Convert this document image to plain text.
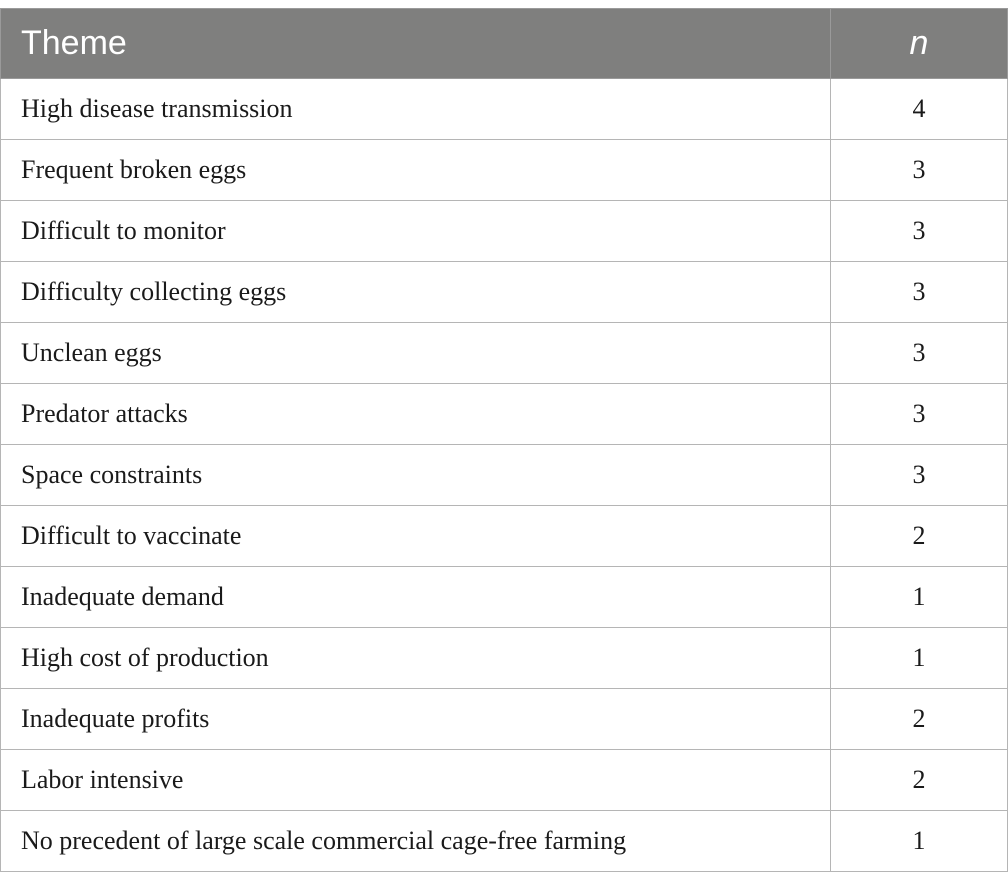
Theme	n
High disease transmission	4
Frequent broken eggs	3
Difficult to monitor	3
Difficulty collecting eggs	3
Unclean eggs	3
Predator attacks	3
Space constraints	3
Difficult to vaccinate	2
Inadequate demand	1
High cost of production	1
Inadequate profits	2
Labor intensive	2
No precedent of large scale commercial cage-free farming	1
